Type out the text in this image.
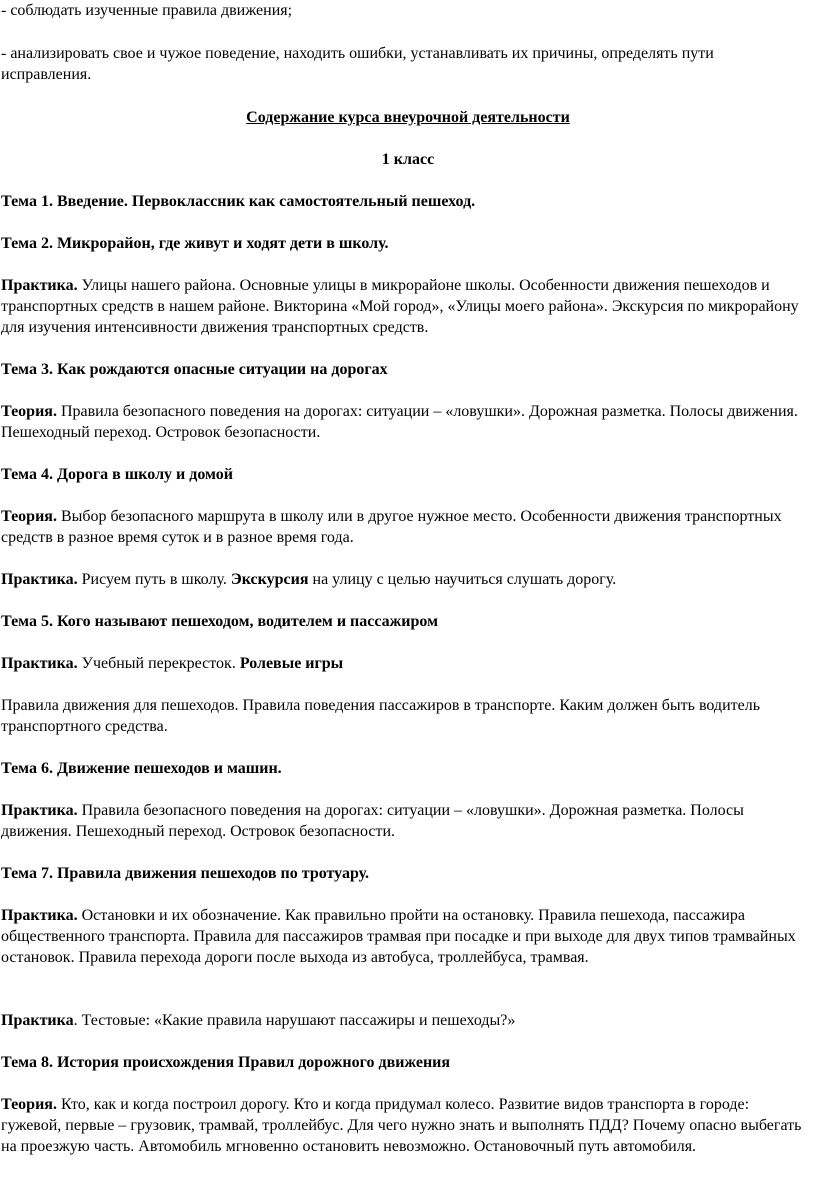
- соблюдать изученные правила движения;

- анализировать свое и чужое поведение, находить ошибки, устанавливать их причины, определять пути исправления.

Содержание курса внеурочной деятельности

1 класс

Тема 1. Введение. Первоклассник как самостоятельный пешеход.

Тема 2. Микрорайон, где живут и ходят дети в школу.

Практика. Улицы нашего района. Основные улицы в микрорайоне школы. Особенности движения пешеходов и транспортных средств в нашем районе. Викторина «Мой город», «Улицы моего района». Экскурсия по микрорайону для изучения интенсивности движения транспортных средств.

Тема 3. Как рождаются опасные ситуации на дорогах

Теория. Правила безопасного поведения на дорогах: ситуации – «ловушки». Дорожная разметка. Полосы движения. Пешеходный переход. Островок безопасности.

Тема 4. Дорога в школу и домой

Теория. Выбор безопасного маршрута в школу или в другое нужное место. Особенности движения транспортных средств в разное время суток и в разное время года.

Практика. Рисуем путь в школу. Экскурсия на улицу с целью научиться слушать дорогу.

Тема 5. Кого называют пешеходом, водителем и пассажиром

Практика. Учебный перекресток. Ролевые игры

Правила движения для пешеходов. Правила поведения пассажиров в транспорте. Каким должен быть водитель транспортного средства.

Тема 6. Движение пешеходов и машин.

Практика. Правила безопасного поведения на дорогах: ситуации – «ловушки». Дорожная разметка. Полосы движения. Пешеходный переход. Островок безопасности.

Тема 7. Правила движения пешеходов по тротуару.

Практика. Остановки и их обозначение. Как правильно пройти на остановку. Правила пешехода, пассажира общественного транспорта. Правила для пассажиров трамвая при посадке и при выходе для двух типов трамвайных остановок. Правила перехода дороги после выхода из автобуса, троллейбуса, трамвая.

Практика. Тестовые: «Какие правила нарушают пассажиры и пешеходы?»

Тема 8. История происхождения Правил дорожного движения

Теория. Кто, как и когда построил дорогу. Кто и когда придумал колесо. Развитие видов транспорта в городе: гужевой, первые – грузовик, трамвай, троллейбус. Для чего нужно знать и выполнять ПДД? Почему опасно выбегать на проезжую часть. Автомобиль мгновенно остановить невозможно. Остановочный путь автомобиля.
